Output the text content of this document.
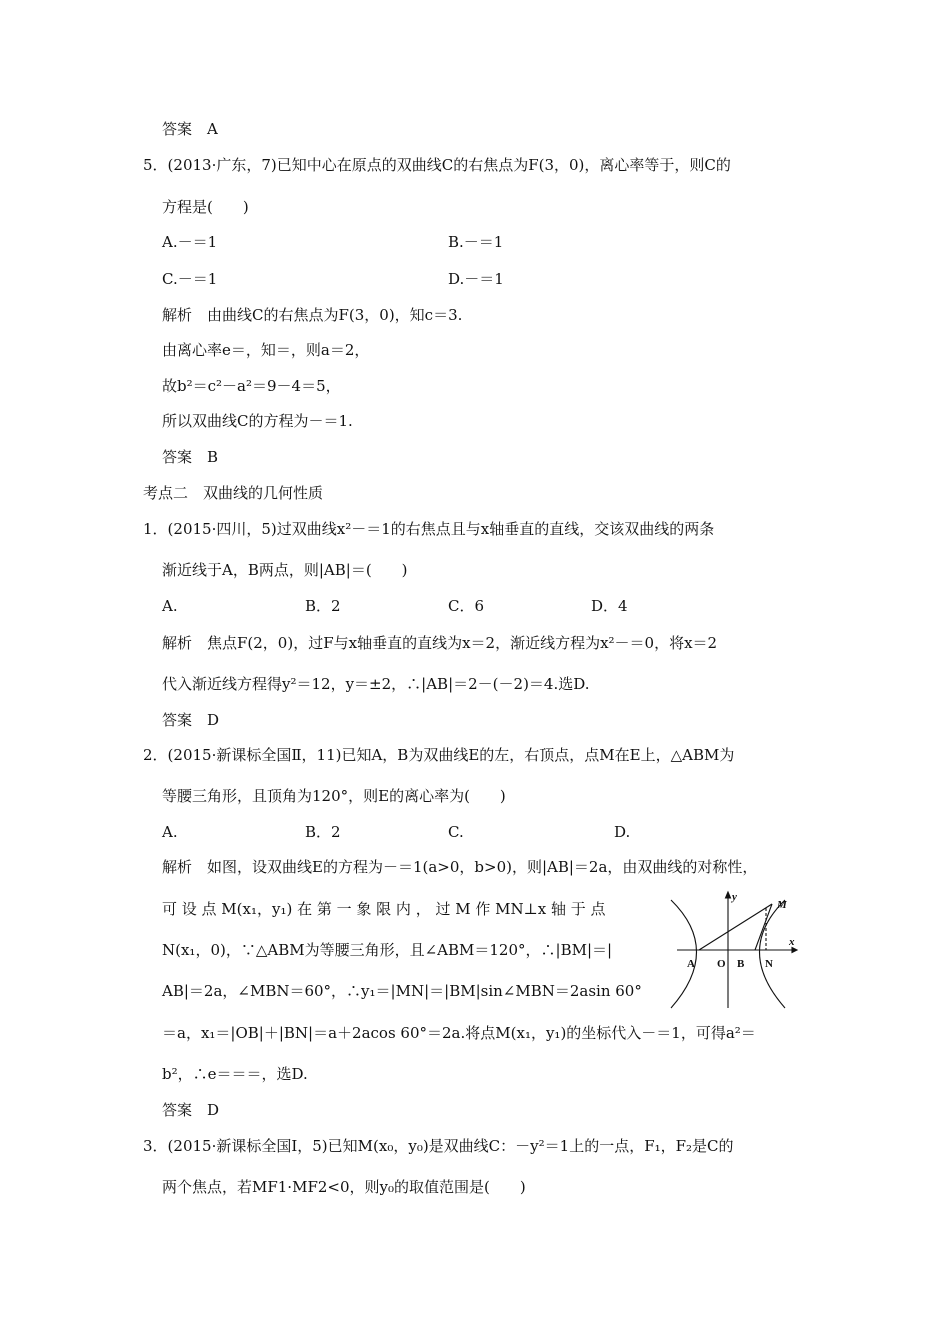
答案　A
5．(2013·广东，7)已知中心在原点的双曲线C的右焦点为F(3，0)，离心率等于，则C的
方程是(　　)
A.－＝1	B.－＝1
C.－＝1	D.－＝1
解析　由曲线C的右焦点为F(3，0)，知c＝3.
由离心率e＝，知＝，则a＝2，
故b²＝c²－a²＝9－4＝5，
所以双曲线C的方程为－＝1.
答案　B
考点二　双曲线的几何性质
1．(2015·四川，5)过双曲线x²－＝1的右焦点且与x轴垂直的直线，交该双曲线的两条
渐近线于A，B两点，则|AB|＝(　　)
A.	B．2	C．6	D．4
解析　焦点F(2，0)，过F与x轴垂直的直线为x＝2，渐近线方程为x²－＝0，将x＝2
代入渐近线方程得y²＝12，y＝±2，∴|AB|＝2－(－2)＝4.选D.
答案　D
2．(2015·新课标全国Ⅱ，11)已知A，B为双曲线E的左，右顶点，点M在E上，△ABM为
等腰三角形，且顶角为120°，则E的离心率为(　　)
A.	B．2	C.	D.
解析　如图，设双曲线E的方程为－＝1(a>0，b>0)，则|AB|＝2a，由双曲线的对称性，
可 设 点 M(x₁，y₁) 在 第 一 象 限 内 ， 过 M 作 MN⊥x 轴 于 点
N(x₁，0)，∵△ABM为等腰三角形，且∠ABM＝120°，∴|BM|＝|
AB|＝2a，∠MBN＝60°，∴y₁＝|MN|＝|BM|sin∠MBN＝2asin 60°
＝a，x₁＝|OB|＋|BN|＝a＋2acos 60°＝2a.将点M(x₁，y₁)的坐标代入－＝1，可得a²＝
b²，∴e＝＝＝，选D.
答案　D
3．(2015·新课标全国Ⅰ，5)已知M(x₀，y₀)是双曲线C：－y²＝1上的一点，F₁，F₂是C的
两个焦点，若MF1·MF2<0，则y₀的取值范围是(　　)
y
M
x
A O B N
